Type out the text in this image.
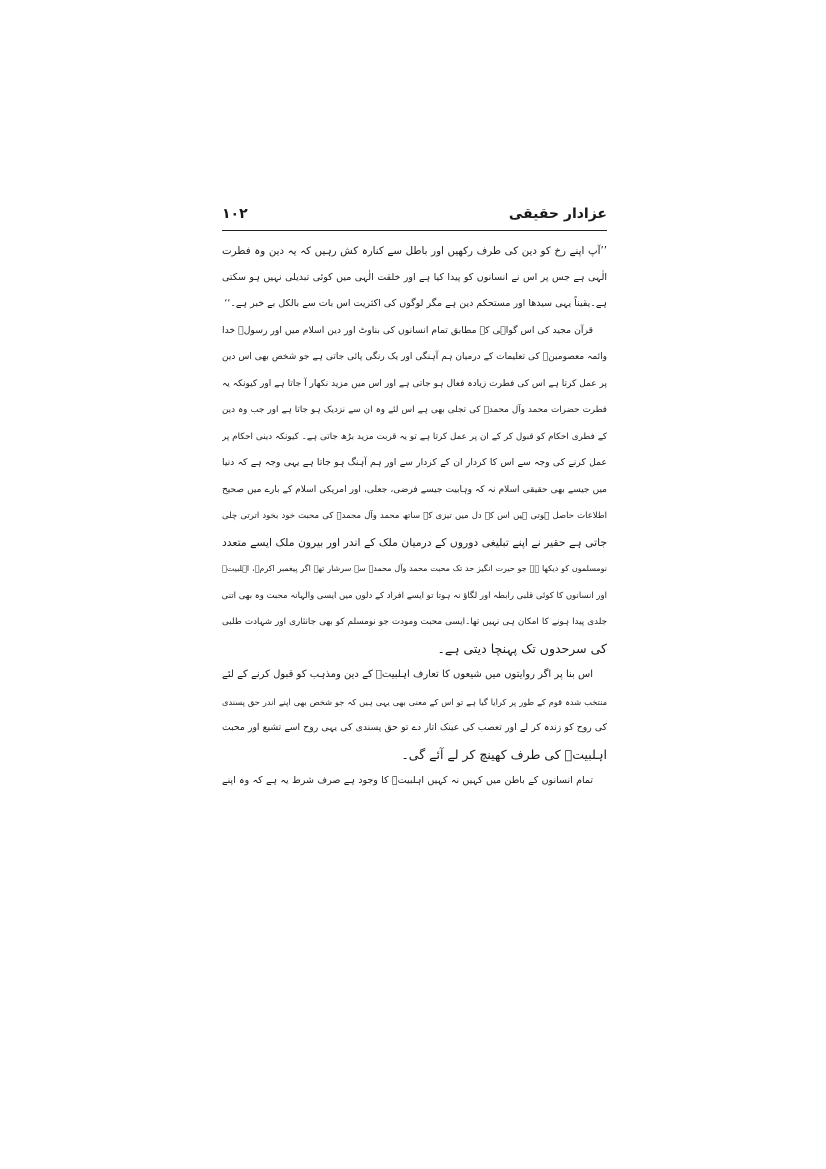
عزادار حقیقی
۱۰۲

’’آپ اپنے رخ کو دین کی طرف رکھیں اور باطل سے کنارہ کش رہیں کہ یہ دین وہ فطرت
الٰہی ہے جس پر اس نے انسانوں کو پیدا کیا ہے اور خلقت الٰہی میں کوئی تبدیلی نہیں ہو سکتی
ہے۔یقیناً یہی سیدھا اور مستحکم دین ہے مگر لوگوں کی اکثریت اس بات سے بالکل بے خبر ہے۔‘‘

قرآن مجید کی اس گواہی کے مطابق تمام انسانوں کی بناوٹ اور دین اسلام میں اور رسولؐ خدا
وائمہ معصومینؑ کی تعلیمات کے درمیان ہم آہنگی اور یک رنگی پائی جاتی ہے جو شخص بھی اس دین
پر عمل کرتا ہے اس کی فطرت زیادہ فعال ہو جاتی ہے اور اس میں مزید نکھار آ جاتا ہے اور کیونکہ یہ
فطرت حضرات محمد وآل محمدؐ کی تجلی بھی ہے اس لئے وہ ان سے نزدیک ہو جاتا ہے اور جب وہ دین
کے فطری احکام کو قبول کر کے ان پر عمل کرتا ہے تو یہ قربت مزید بڑھ جاتی ہے۔ کیونکہ دینی احکام پر
عمل کرنے کی وجہ سے اس کا کردار ان کے کردار سے اور ہم آہنگ ہو جاتا ہے یہی وجہ ہے کہ دنیا
میں جیسے بھی حقیقی اسلام نہ کہ وہابیت جیسے فرضی، جعلی، اور امریکی اسلام کے بارے میں صحیح
اطلاعات حاصل ہوتی ہیں اس کے دل میں تیزی کے ساتھ محمد وآل محمدؐ کی محبت خود بخود اترتی چلی
جاتی ہے حقیر نے اپنے تبلیغی دوروں کے درمیان ملک کے اندر اور بیرون ملک ایسے متعدد
نومسلموں کو دیکھا ہے جو حیرت انگیز حد تک محبت محمد وآل محمدؐ سے سرشار تھے اگر پیغمبر اکرمؐ، اہلبیتؑ
اور انسانوں کا کوئی قلبی رابطہ اور لگاؤ نہ ہوتا تو ایسے افراد کے دلوں میں ایسی والہانہ محبت وہ بھی اتنی
جلدی پیدا ہونے کا امکان ہی نہیں تھا۔ایسی محبت ومودت جو نومسلم کو بھی جانثاری اور شہادت طلبی
کی سرحدوں تک پہنچا دیتی ہے۔

اس بنا پر اگر روایتوں میں شیعوں کا تعارف اہلبیتؑ کے دین ومذہب کو قبول کرنے کے لئے
منتخب شدہ قوم کے طور پر کرایا گیا ہے تو اس کے معنی بھی یہی ہیں کہ جو شخص بھی اپنے اندر حق پسندی
کی روح کو زندہ کر لے اور تعصب کی عینک اتار دے تو حق پسندی کی یہی روح اسے تشیع اور محبت
اہلبیتؑ کی طرف کھینچ کر لے آئے گی۔

تمام انسانوں کے باطن میں کہیں نہ کہیں اہلبیتؑ کا وجود ہے صرف شرط یہ ہے کہ وہ اپنے
